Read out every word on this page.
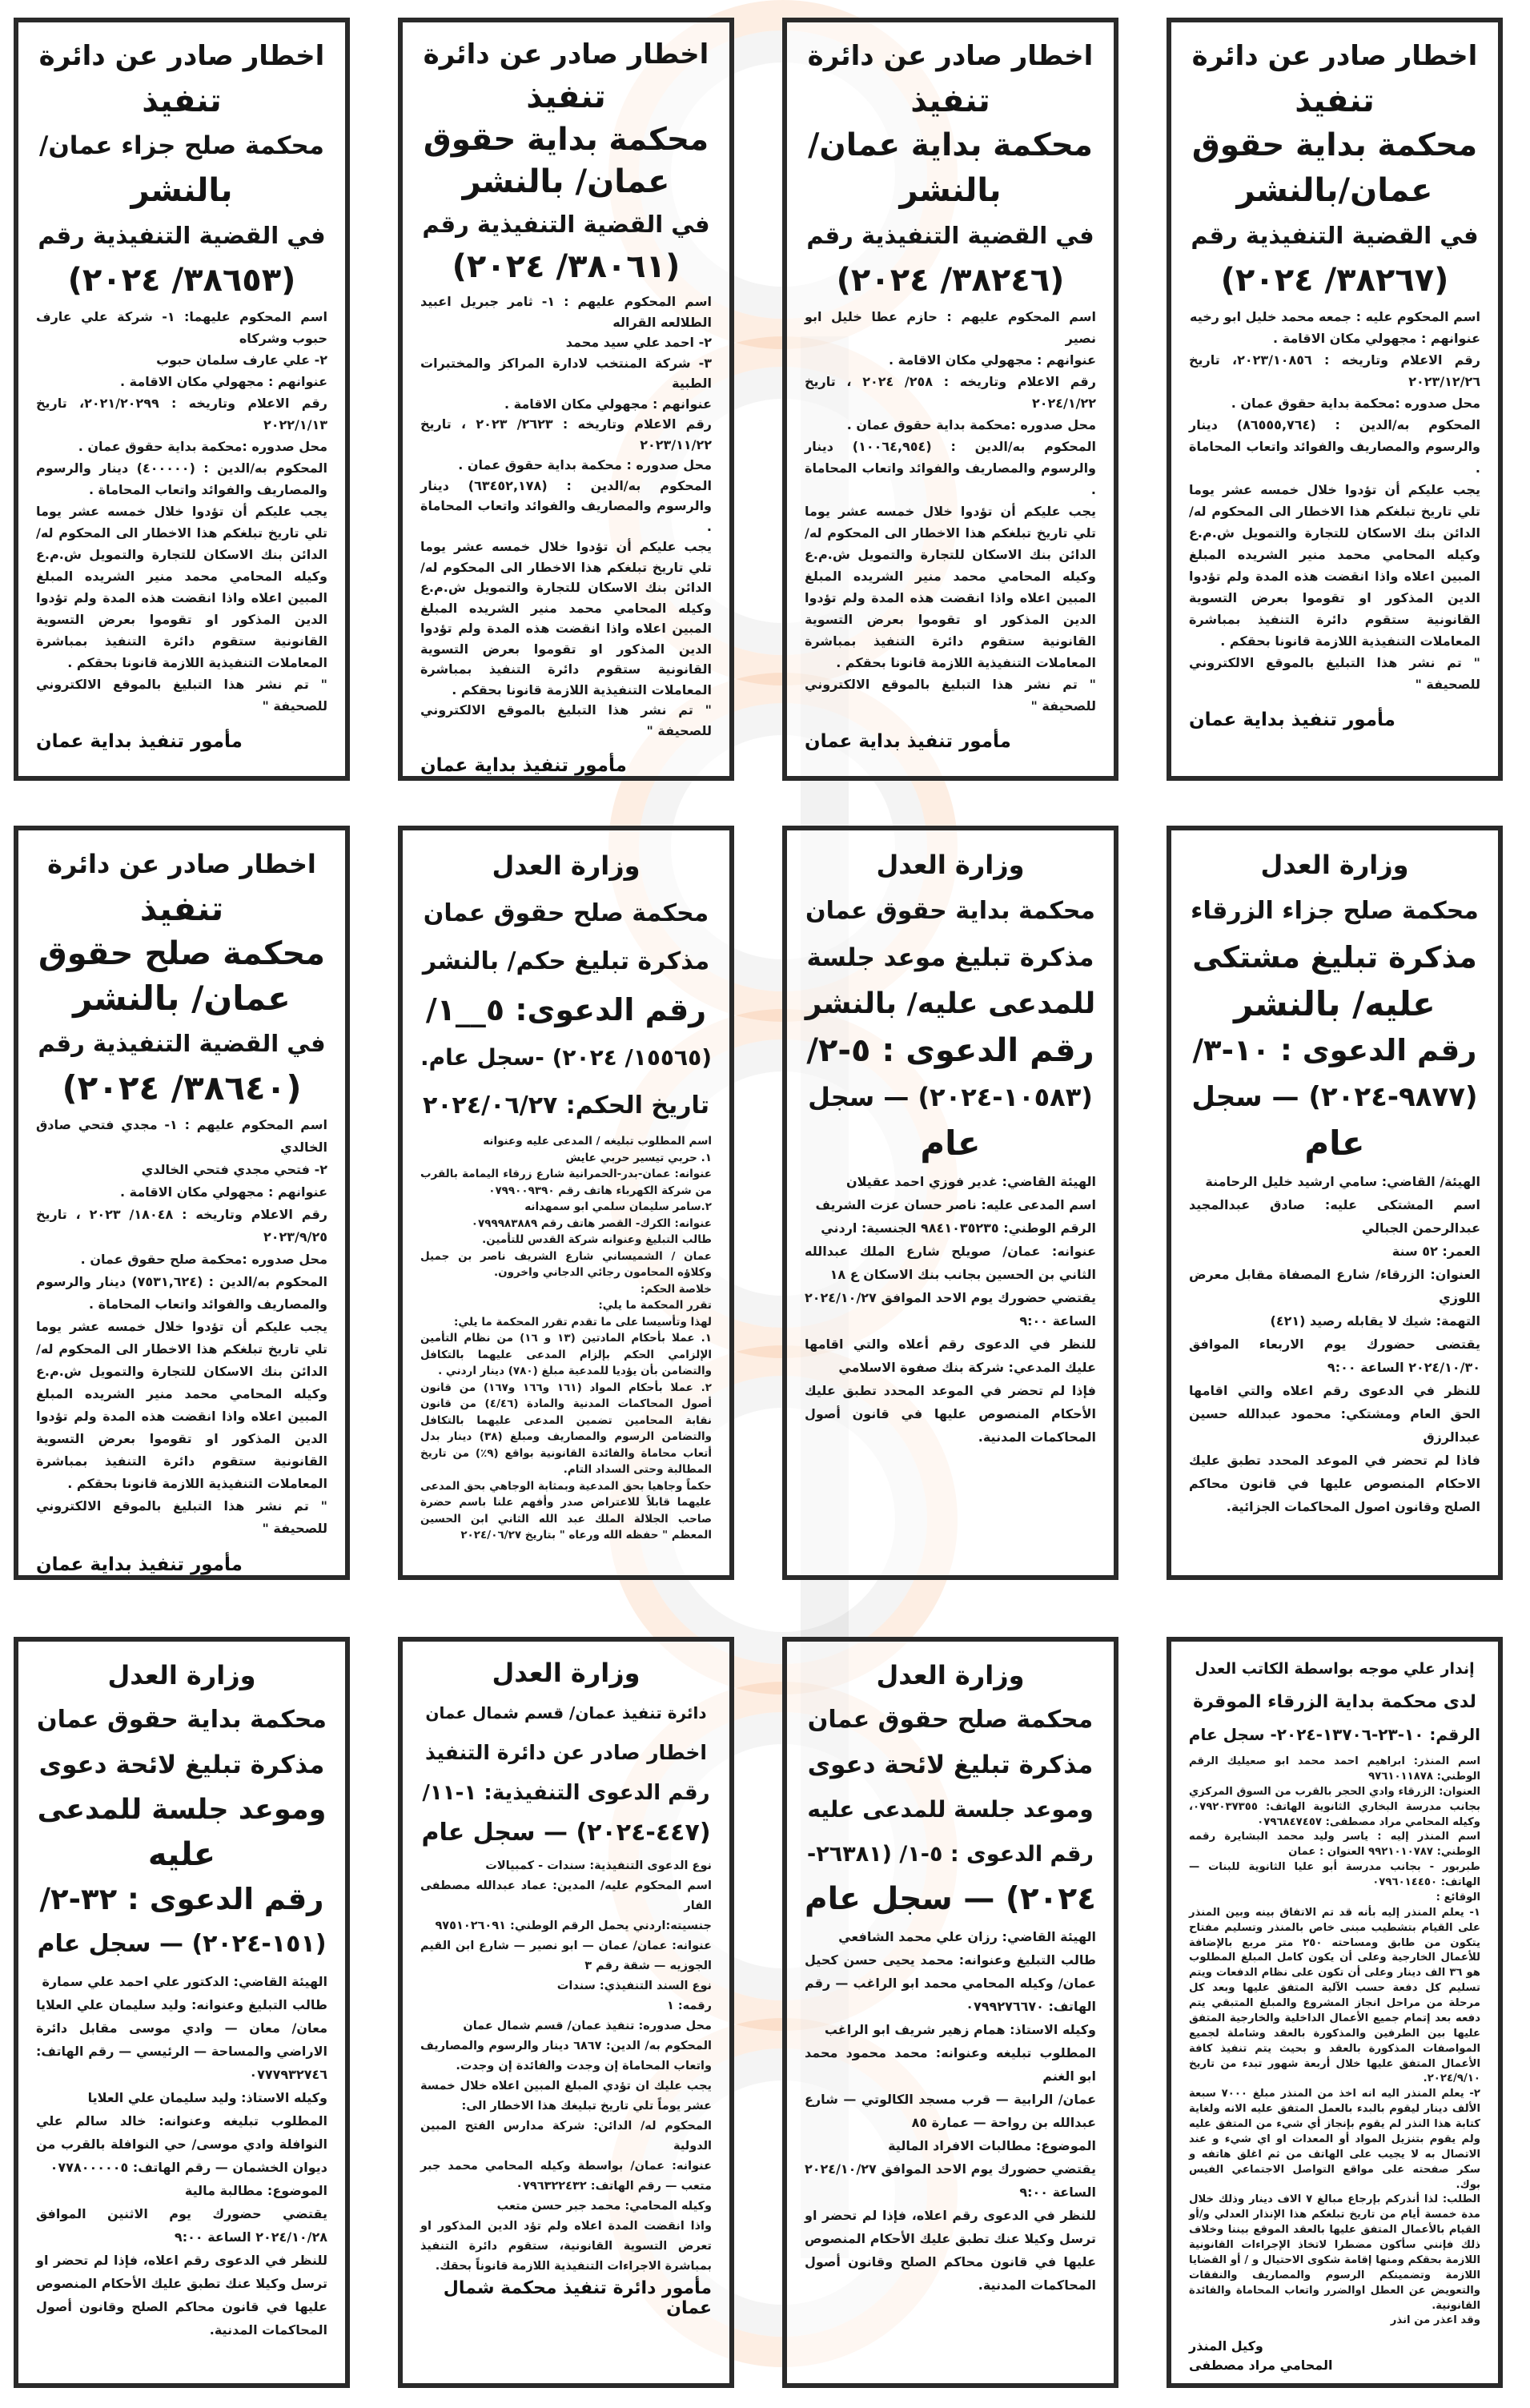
اخطار صادر عن دائرة
تنفيذ
محكمة بداية حقوق
عمان/بالنشر
في القضية التنفيذية رقم
(٣٨٢٦٧/ ٢٠٢٤)

اسم المحكوم عليه : جمعه محمد خليل ابو رخيه

عنوانهم : مجهولي مكان الاقامة .

رقم الاعلام وتاريخه : ٢٠٢٣/١٠٨٥٦، تاريخ ٢٠٢٣/١٢/٢٦

محل صدوره :محكمة بداية حقوق عمان .

المحكوم به/الدين : (٨٦٥٥٥,٧٦٤) دينار والرسوم والمصاريف والفوائد واتعاب المحاماة .

يجب عليكم أن تؤدوا خلال خمسه عشر يوما تلي تاريخ تبلغكم هذا الاخطار الى المحكوم له/ الدائن بنك الاسكان للتجارة والتمويل ش.م.ع وكيله المحامي محمد منير الشريده المبلغ المبين اعلاه واذا انقضت هذه المدة ولم تؤدوا الدين المذكور او تقوموا بعرض التسوية القانونية ستقوم دائرة التنفيذ بمباشرة المعاملات التنفيذية اللازمة قانونا بحقكم .

" تم نشر هذا التبليغ بالموقع الالكتروني للصحيفة "

مأمور تنفيذ بداية عمان
اخطار صادر عن دائرة
تنفيذ
محكمة بداية عمان/
بالنشر
في القضية التنفيذية رقم
(٣٨٢٤٦/ ٢٠٢٤)

اسم المحكوم عليهم : حازم عطا خليل ابو نصير

عنوانهم : مجهولي مكان الاقامة .

رقم الاعلام وتاريخه : ٢٥٨/ ٢٠٢٤ ، تاريخ ٢٠٢٤/١/٢٢

محل صدوره :محكمة بداية حقوق عمان .

المحكوم به/الدين : (١٠٠٦٤,٩٥٤) دينار والرسوم والمصاريف والفوائد واتعاب المحاماة .

يجب عليكم أن تؤدوا خلال خمسه عشر يوما تلي تاريخ تبلغكم هذا الاخطار الى المحكوم له/ الدائن بنك الاسكان للتجارة والتمويل ش.م.ع وكيله المحامي محمد منير الشريده المبلغ المبين اعلاه واذا انقضت هذه المدة ولم تؤدوا الدين المذكور او تقوموا بعرض التسوية القانونية ستقوم دائرة التنفيذ بمباشرة المعاملات التنفيذية اللازمة قانونا بحقكم .

" تم نشر هذا التبليغ بالموقع الالكتروني للصحيفة "

مأمور تنفيذ بداية عمان
اخطار صادر عن دائرة
تنفيذ
محكمة بداية حقوق
عمان/ بالنشر
في القضية التنفيذية رقم
(٣٨٠٦١/ ٢٠٢٤)

اسم المحكوم عليهم : ١- ثامر جبريل اعبيد الطلالعه القراله

٢- احمد علي سيد محمد

٣- شركة المنتخب لادارة المراكز والمختبرات الطبية

عنوانهم : مجهولي مكان الاقامة .

رقم الاعلام وتاريخه : ٢٦٢٣/ ٢٠٢٣ ، تاريخ ٢٠٢٣/١١/٢٢

محل صدوره : محكمة بداية حقوق عمان .

المحكوم به/الدين : (٦٣٤٥٢,١٧٨) دينار والرسوم والمصاريف والفوائد واتعاب المحاماة .

يجب عليكم أن تؤدوا خلال خمسه عشر يوما تلي تاريخ تبلغكم هذا الاخطار الى المحكوم له/ الدائن بنك الاسكان للتجارة والتمويل ش.م.ع وكيله المحامي محمد منير الشريده المبلغ المبين اعلاه واذا انقضت هذه المدة ولم تؤدوا الدين المذكور او تقوموا بعرض التسوية القانونية ستقوم دائرة التنفيذ بمباشرة المعاملات التنفيذية اللازمة قانونا بحقكم .

" تم نشر هذا التبليغ بالموقع الالكتروني للصحيفة "

مأمور تنفيذ بداية عمان
اخطار صادر عن دائرة
تنفيذ
محكمة صلح جزاء عمان/
بالنشر
في القضية التنفيذية رقم
(٣٨٦٥٣/ ٢٠٢٤)

اسم المحكوم عليهما: ١- شركة علي عارف حبوب وشركاه

٢- علي عارف سلمان حبوب

عنوانهم : مجهولي مكان الاقامة .

رقم الاعلام وتاريخه : ٢٠٢١/٢٠٢٩٩، تاريخ ٢٠٢٢/١/١٣

محل صدوره :محكمة بداية حقوق عمان .

المحكوم به/الدين : (٤٠٠٠٠٠) دينار والرسوم والمصاريف والفوائد واتعاب المحاماة .

يجب عليكم أن تؤدوا خلال خمسه عشر يوما تلي تاريخ تبلغكم هذا الاخطار الى المحكوم له/ الدائن بنك الاسكان للتجارة والتمويل ش.م.ع وكيله المحامي محمد منير الشريده المبلغ المبين اعلاه واذا انقضت هذه المدة ولم تؤدوا الدين المذكور او تقوموا بعرض التسوية القانونية ستقوم دائرة التنفيذ بمباشرة المعاملات التنفيذية اللازمة قانونا بحقكم .

" تم نشر هذا التبليغ بالموقع الالكتروني للصحيفة "

مأمور تنفيذ بداية عمان
وزارة العدل
محكمة صلح جزاء الزرقاء
مذكرة تبليغ مشتكى
عليه/ بالنشر
رقم الدعوى : ١٠-٣/
(٩٨٧٧-٢٠٢٤) — سجل
عام

الهيئة/ القاضي: سامي ارشيد خليل الرحامنة

اسم المشتكى عليه: صادق عبدالمجيد عبدالرحمن الجبالي

العمر: ٥٢ سنة

العنوان: الزرقاء/ شارع المصفاة مقابل معرض اللوزي

التهمة: شيك لا يقابله رصيد (٤٢١)

يقتضى حضورك يوم الاربعاء الموافق ٢٠٢٤/١٠/٣٠ الساعة ٩:٠٠

للنظر في الدعوى رقم اعلاه والتي اقامها الحق العام ومشتكي: محمود عبدالله حسين عبدالرزق

فاذا لم تحضر في الموعد المحدد تطبق عليك الاحكام المنصوص عليها في قانون محاكم الصلح وقانون اصول المحاكمات الجزائية.

وزارة العدل
محكمة بداية حقوق عمان
مذكرة تبليغ موعد جلسة
للمدعى عليه/ بالنشر
رقم الدعوى : ٥-٢/
(١٠٥٨٣-٢٠٢٤) — سجل
عام

الهيئة القاضي: غدير فوزي احمد عقيلان

اسم المدعى عليه: ناصر حسان عزت الشريف

الرقم الوطني: ٩٨٤١٠٣٥٢٣٥ الجنسية: اردني

عنوانه: عمان/ صويلح شارع الملك عبدالله الثاني بن الحسين بجانب بنك الاسكان ع ١٨

يقتضي حضورك يوم الاحد الموافق ٢٠٢٤/١٠/٢٧ الساعة ٩:٠٠

للنظر في الدعوى رقم أعلاه والتي اقامها عليك المدعي: شركة بنك صفوة الاسلامي

فإذا لم تحضر في الموعد المحدد تطبق عليك الأحكام المنصوص عليها في قانون أصول المحاكمات المدنية.

وزارة العدل
محكمة صلح حقوق عمان
مذكرة تبليغ حكم/ بالنشر
رقم الدعوى: ٥__١/
(١٥٥٦٥/ ٢٠٢٤) -سجل عام.
تاريخ الحكم: ٢٠٢٤/٠٦/٢٧

اسم المطلوب تبليغه / المدعى عليه وعنوانه

١. حربي تيسير حربي عايش

عنوانه: عمان-بدر-الحمرانية شارع زرقاء اليمامة بالقرب من شركة الكهرباء هاتف رقم ٠٧٩٩٠٠٩٣٩٠

٢.سامر سليمان سلمي ابو سمهدانه

عنوانه: الكرك- القصر هاتف رقم ٠٧٩٩٩٨٣٨٨٩

طالب التبليغ وعنوانه شركة القدس للتأمين.

عمان / الشميساني شارع الشريف ناصر بن جميل وكلاؤه المحامون رجائي الدجاني واخرون.

خلاصة الحكم:

تقرر المحكمة ما يلي:

لهذا وتأسيسا على ما تقدم تقرر المحكمة ما يلي:

١. عملا بأحكام المادتين (١٣ و ١٦) من نظام التأمين الإلزامي الحكم بإلزام المدعى عليهما بالتكافل والتضامن بأن يؤديا للمدعية مبلغ (٧٨٠) دينار اردني .

٢. عملا بأحكام المواد (١٦١ و١٦٦ و١٦٧) من قانون أصول المحاكمات المدنية والمادة (٤/٤٦) من قانون نقابة المحامين تضمين المدعى عليهما بالتكافل والتضامن الرسوم والمصاريف ومبلغ (٣٨) دينار بدل أتعاب محاماة والفائدة القانونية بواقع (٩٪) من تاريخ المطالبة وحتى السداد التام.

حكماً وجاهيا بحق المدعية وبمثابة الوجاهي بحق المدعى عليهما قابلاً للاعتراض صدر وأفهم علنا باسم حضرة صاحب الجلالة الملك عبد الله الثاني ابن الحسين المعظم " حفظه الله ورعاه " بتاريخ ٢٠٢٤/٠٦/٢٧

اخطار صادر عن دائرة
تنفيذ
محكمة صلح حقوق
عمان/ بالنشر
في القضية التنفيذية رقم
(٣٨٦٤٠/ ٢٠٢٤)

اسم المحكوم عليهم : ١- مجدي فتحي صادق الخالدي

٢- فتحي مجدي فتحي الخالدي

عنوانهم : مجهولي مكان الاقامة .

رقم الاعلام وتاريخه : ١٨٠٤٨/ ٢٠٢٣ ، تاريخ ٢٠٢٣/٩/٢٥

محل صدوره :محكمة صلح حقوق عمان .

المحكوم به/الدين : (٧٥٣١,٦٢٤) دينار والرسوم والمصاريف والفوائد واتعاب المحاماة .

يجب عليكم أن تؤدوا خلال خمسه عشر يوما تلي تاريخ تبلغكم هذا الاخطار الى المحكوم له/ الدائن بنك الاسكان للتجارة والتمويل ش.م.ع وكيله المحامي محمد منير الشريده المبلغ المبين اعلاه واذا انقضت هذه المدة ولم تؤدوا الدين المذكور او تقوموا بعرض التسوية القانونية ستقوم دائرة التنفيذ بمباشرة المعاملات التنفيذية اللازمة قانونا بحقكم .

" تم نشر هذا التبليغ بالموقع الالكتروني للصحيفة "

مأمور تنفيذ بداية عمان
إندار علي موجه بواسطة الكاتب العدل
لدى محكمة بداية الزرقاء الموقرة
الرقم: ١٠-٢٣-١٣٧٠٦-٢٠٢٤- سجل عام

اسم المنذر: ابراهيم احمد محمد ابو صعيليك الرقم الوطني: ٩٧٦١٠١١٨٧٨

العنوان: الزرقاء وادي الحجر بالقرب من السوق المركزي بجانب مدرسة البخاري الثانوية الهاتف: ٠٧٩٢٠٣٧٣٥٥، وكيله المحامي مراد مصطفى: ٠٧٩٦٨٤٧٤٥٧

اسم المنذر إليه : ياسر وليد محمد البشايرة رقمه الوطني: ٩٩٢١٠١٠٧٨٧ العنوان : عمان

طبربور - بجانب مدرسة أبو عليا الثانوية للبنات — الهاتف: ٠٧٩٦٠١٤٤٥٠

الوقائع :

١- يعلم المنذر إليه بأنه قد تم الاتفاق بينه وبين المنذر على القيام بتشطيب مبنى خاص بالمنذر وتسليم مفتاح يتكون من طابق ومساحته ٢٥٠ متر مربع بالإضافة للأعمال الخارجية وعلى أن يكون كامل المبلغ المطلوب هو ٣٦ الف دينار وعلى أن تكون على نظام الدفعات ويتم تسليم كل دفعة حسب الآلية المتفق عليها وبعد كل مرحلة من مراحل انجاز المشروع والمبلغ المتبقي يتم دفعه بعد إتمام جميع الأعمال الداخلية والخارجية المتفق عليها بين الطرفين والمذكورة بالعقد وشاملة لجميع المواصفات المذكورة بالعقد و بحيث يتم تنفيذ كافة الأعمال المتفق عليها خلال أربعة شهور تبدء من تاريخ ٢٠٢٤/٩/١٠.

٢- يعلم المنذر اليه انه اخذ من المنذر مبلغ ٧٠٠٠ سبعة الألف دينار ليقوم بالبدء بالعمل المتفق عليه الانه ولغاية كتابة هذا النذر لم يقوم بإنجاز أي شيء من المتفق عليه ولم يقوم بتنزيل المواد أو المعدات او اي شيء و عند الاتصال به لا يجيب على الهاتف من ثم اغلق هاتفه و سكر صفحته على مواقع التواصل الاجتماعي الفيس بوك.

الطلب: لذا أنذركم بإرجاع مبالغ ٧ الاف دينار وذلك خلال مدة خمسة أيام من تاريخ تبلغكم هذا الإنذار العدلي و/أو القيام بالأعمال المتفق عليها بالعقد الموقع بيننا وخلاف ذلك فإنني سأكون مضطرا لاتخاذ الإجراءات القانونية اللازمة بحقكم ومنها إقامة شكوى الاحتيال و / أو القضايا اللازمة وتضمينكم الرسوم والمصاريف والنفقات والتعويض عن العطل اوالضرر واتعاب المحاماة والفائدة القانونية.

وقد اعذر من انذر

وكيل المنذر
المحامي مراد مصطفى
وزارة العدل
محكمة صلح حقوق عمان
مذكرة تبليغ لائحة دعوى
وموعد جلسة للمدعى عليه
رقم الدعوى : ٥-١/ (٢٦٣٨١-
٢٠٢٤) — سجل عام

الهيئة القاضي: رزان علي محمد الشافعي

طالب التبليغ وعنوانه: محمد يحيى حسن كحيل عمان/ وكيله المحامي محمد ابو الراغب — رقم الهاتف: ٠٧٩٩٢٧٦٦٧٠

وكيله الاستاذ: همام زهير شريف ابو الراغب

المطلوب تبليغه وعنوانه: محمد محمود محمد ابو الغنم

عمان/ الرابية — قرب مسجد الكالوتي — شارع عبدالله بن رواحة — عمارة ٨٥

الموضوع: مطالبات الافراد المالية

يقتضي حضورك يوم الاحد الموافق ٢٠٢٤/١٠/٢٧ الساعة ٩:٠٠

للنظر في الدعوى رقم اعلاه، فإذا لم تحضر او ترسل وكيلا عنك تطبق عليك الأحكام المنصوص عليها في قانون محاكم الصلح وقانون أصول المحاكمات المدنية.

وزارة العدل
دائرة تنفيذ عمان/ قسم شمال عمان
اخطار صادر عن دائرة التنفيذ
رقم الدعوى التنفيذية: ١-١١/
(٤٤٧-٢٠٢٤) — سجل عام

نوع الدعوى التنفيذية: سندات - كمبيالات

اسم المحكوم عليه/ المدين: عماد عبدالله مصطفى الفار

جنسيته:اردني يحمل الرقم الوطني: ٩٧٥١٠٢٦٠٩١

عنوانه: عمان/ عمان — ابو نصير — شارع ابن القيم الجوزيه — شقة رقم ٣

نوع السند التنفيذي: سندات

رقمه: ١

محل صدوره: تنفيذ عمان/ قسم شمال عمان

المحكوم به/ الدين: ٦٨٦٧ دينار والرسوم والمصاريف واتعاب المحاماة إن وجدت والفائدة إن وجدت.

يجب عليك ان تؤدي المبلغ المبين اعلاه خلال خمسة عشر يوماً تلي تاريخ تبليغك هذا الاخطار الى:

المحكوم له/ الدائن: شركة مدارس الفتح المبين الدولية

عنوانه: عمان/ بواسطة وكيله المحامي محمد جبر متعب — رقم الهاتف: ٠٧٩٦٣٢٢٤٣٢

وكيله المحامي: محمد جبر حسن متعب

واذا انقضت المدة اعلاه ولم تؤد الدين المذكور او تعرض التسوية القانونية، ستقوم دائرة التنفيذ بمباشرة الاجراءات التنفيذية اللازمة قانوناً بحقك.

مأمور دائرة تنفيذ محكمة شمال عمان
وزارة العدل
محكمة بداية حقوق عمان
مذكرة تبليغ لائحة دعوى
وموعد جلسة للمدعى
عليه
رقم الدعوى : ٣٢-٢/
(١٥١-٢٠٢٤) — سجل عام

الهيئة القاضي: الدكتور علي احمد علي سمارة

طالب التبليغ وعنوانه: وليد سليمان علي العلايا معان/ معان — وادي موسى مقابل دائرة الاراضي والمساحة — الرئيسي — رقم الهاتف: ٠٧٧٧٩٣٢٧٤٦

وكيله الاستاذ: وليد سليمان علي العلايا

المطلوب تبليغه وعنوانه: خالد سالم علي النوافلة وادي موسى/ حي النوافلة بالقرب من ديوان الخشمان — رقم الهاتف: ٠٧٧٨٠٠٠٠٠٥

الموضوع: مطالبة مالية

يقتضي حضورك يوم الاثنين الموافق ٢٠٢٤/١٠/٢٨ الساعة ٩:٠٠

للنظر في الدعوى رقم اعلاه، فإذا لم تحضر او ترسل وكيلا عنك تطبق عليك الأحكام المنصوص عليها في قانون محاكم الصلح وقانون أصول المحاكمات المدنية.
